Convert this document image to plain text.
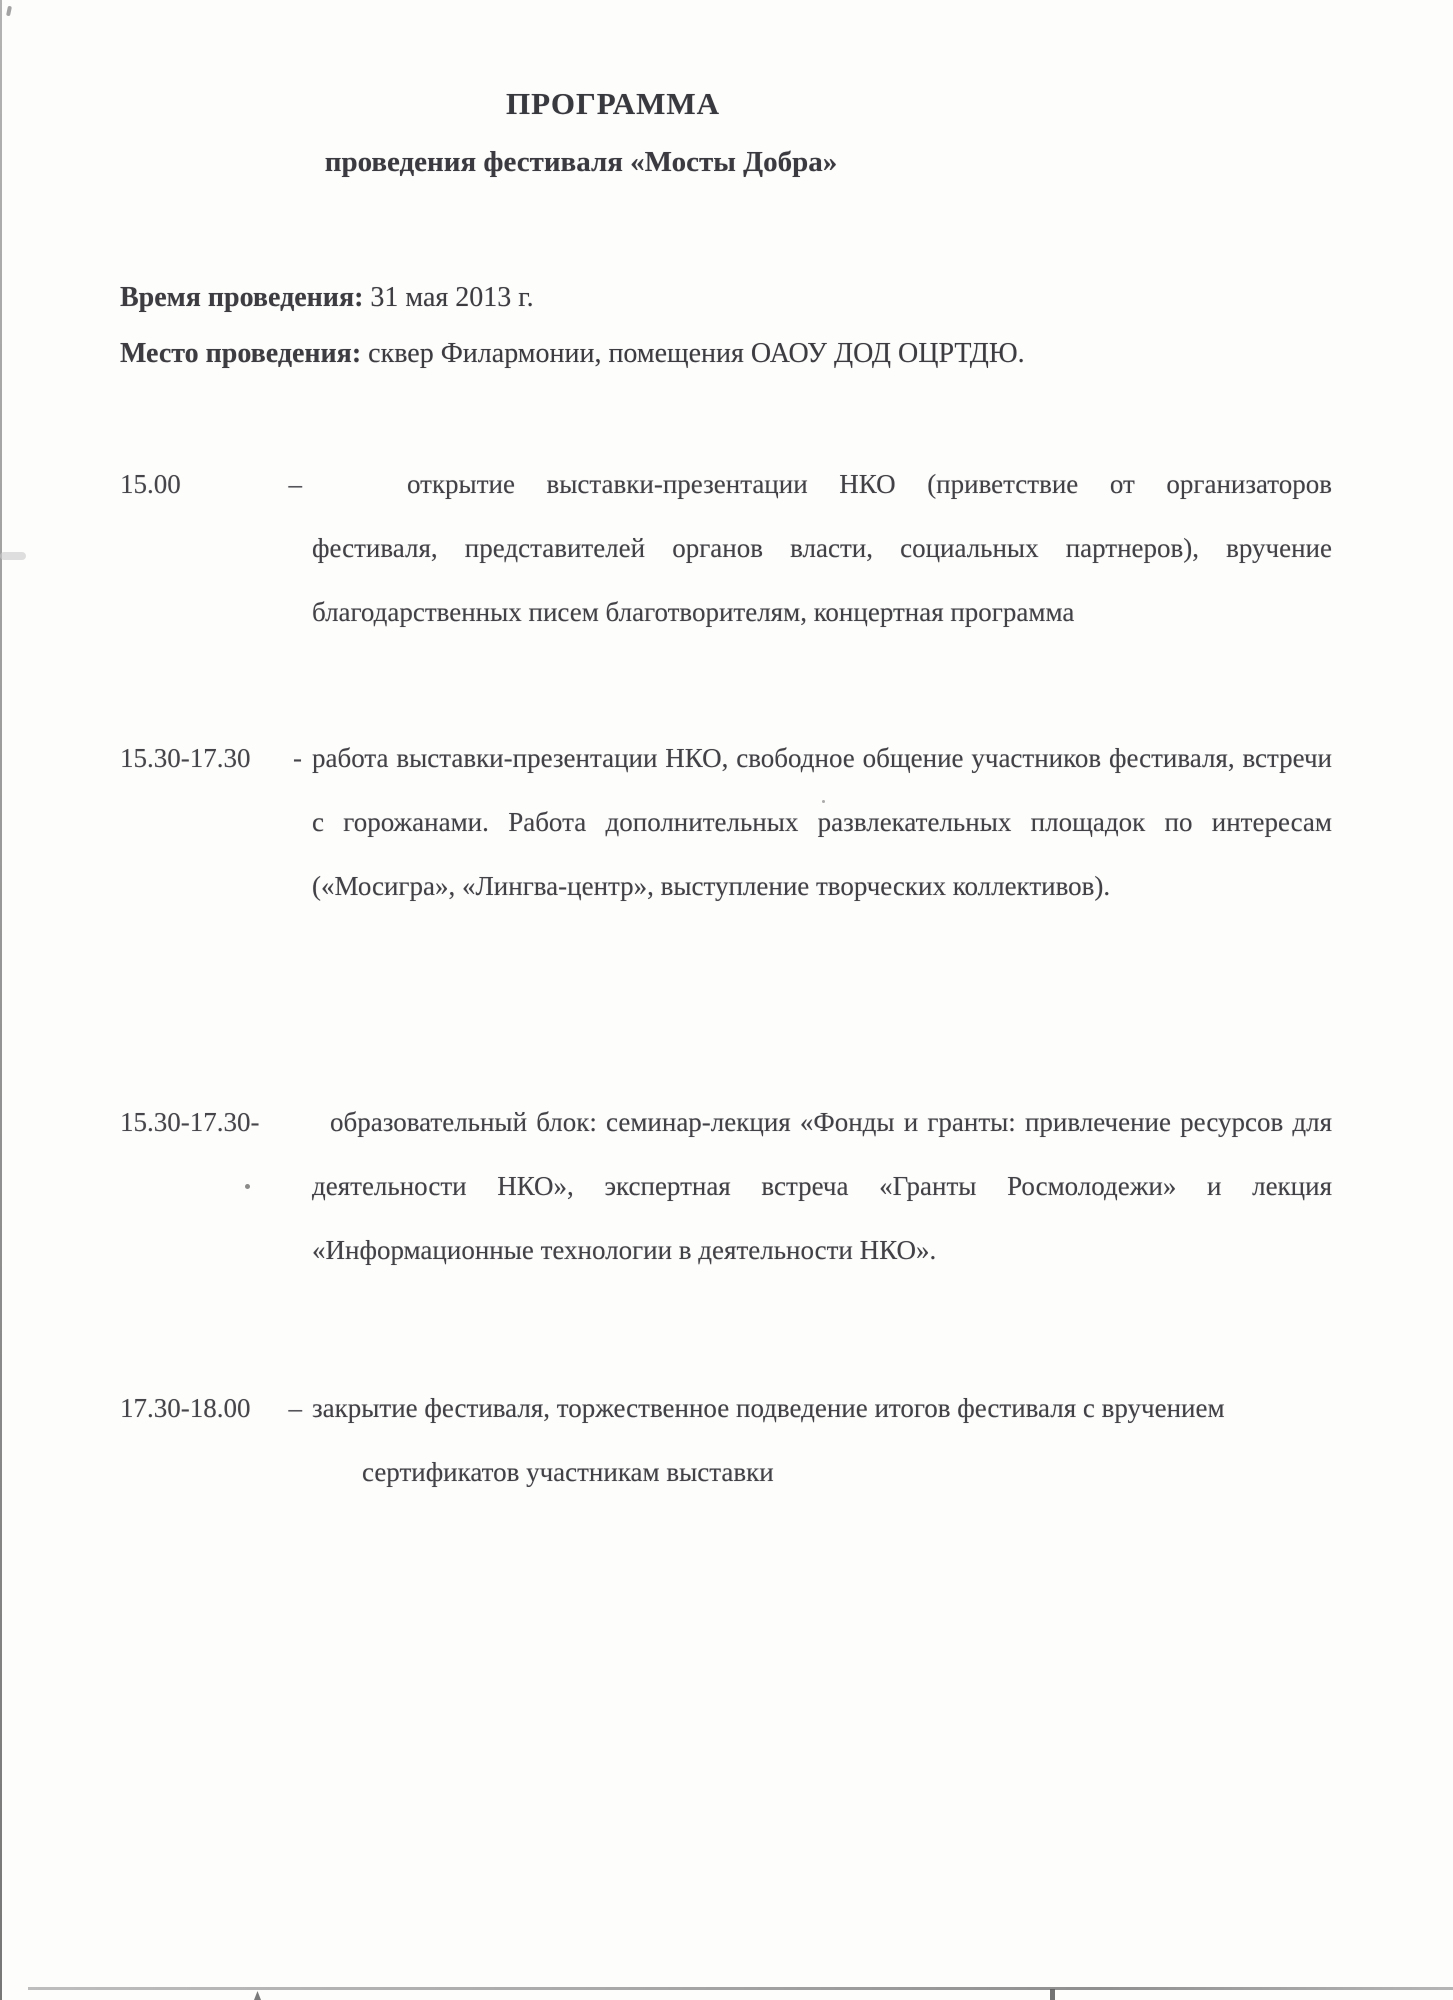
ПРОГРАММА
проведения фестиваля «Мосты Добра»
Время проведения: 31 мая 2013 г.
Место проведения: сквер Филармонии, помещения ОАОУ ДОД ОЦРТДЮ.
15.00	–	открытие выставки-презентации НКО (приветствие от организаторов фестиваля, представителей органов власти, социальных партнеров), вручение благодарственных писем благотворителям, концертная программа
15.30-17.30 - работа выставки-презентации НКО, свободное общение участников фестиваля, встречи с горожанами. Работа дополнительных развлекательных площадок по интересам («Мосигра», «Лингва-центр», выступление творческих коллективов).
15.30-17.30-	образовательный блок: семинар-лекция «Фонды и гранты: привлечение ресурсов для деятельности НКО», экспертная встреча «Гранты Росмолодежи» и лекция «Информационные технологии в деятельности НКО».
17.30-18.00 – закрытие фестиваля, торжественное подведение итогов фестиваля с вручением сертификатов участникам выставки
